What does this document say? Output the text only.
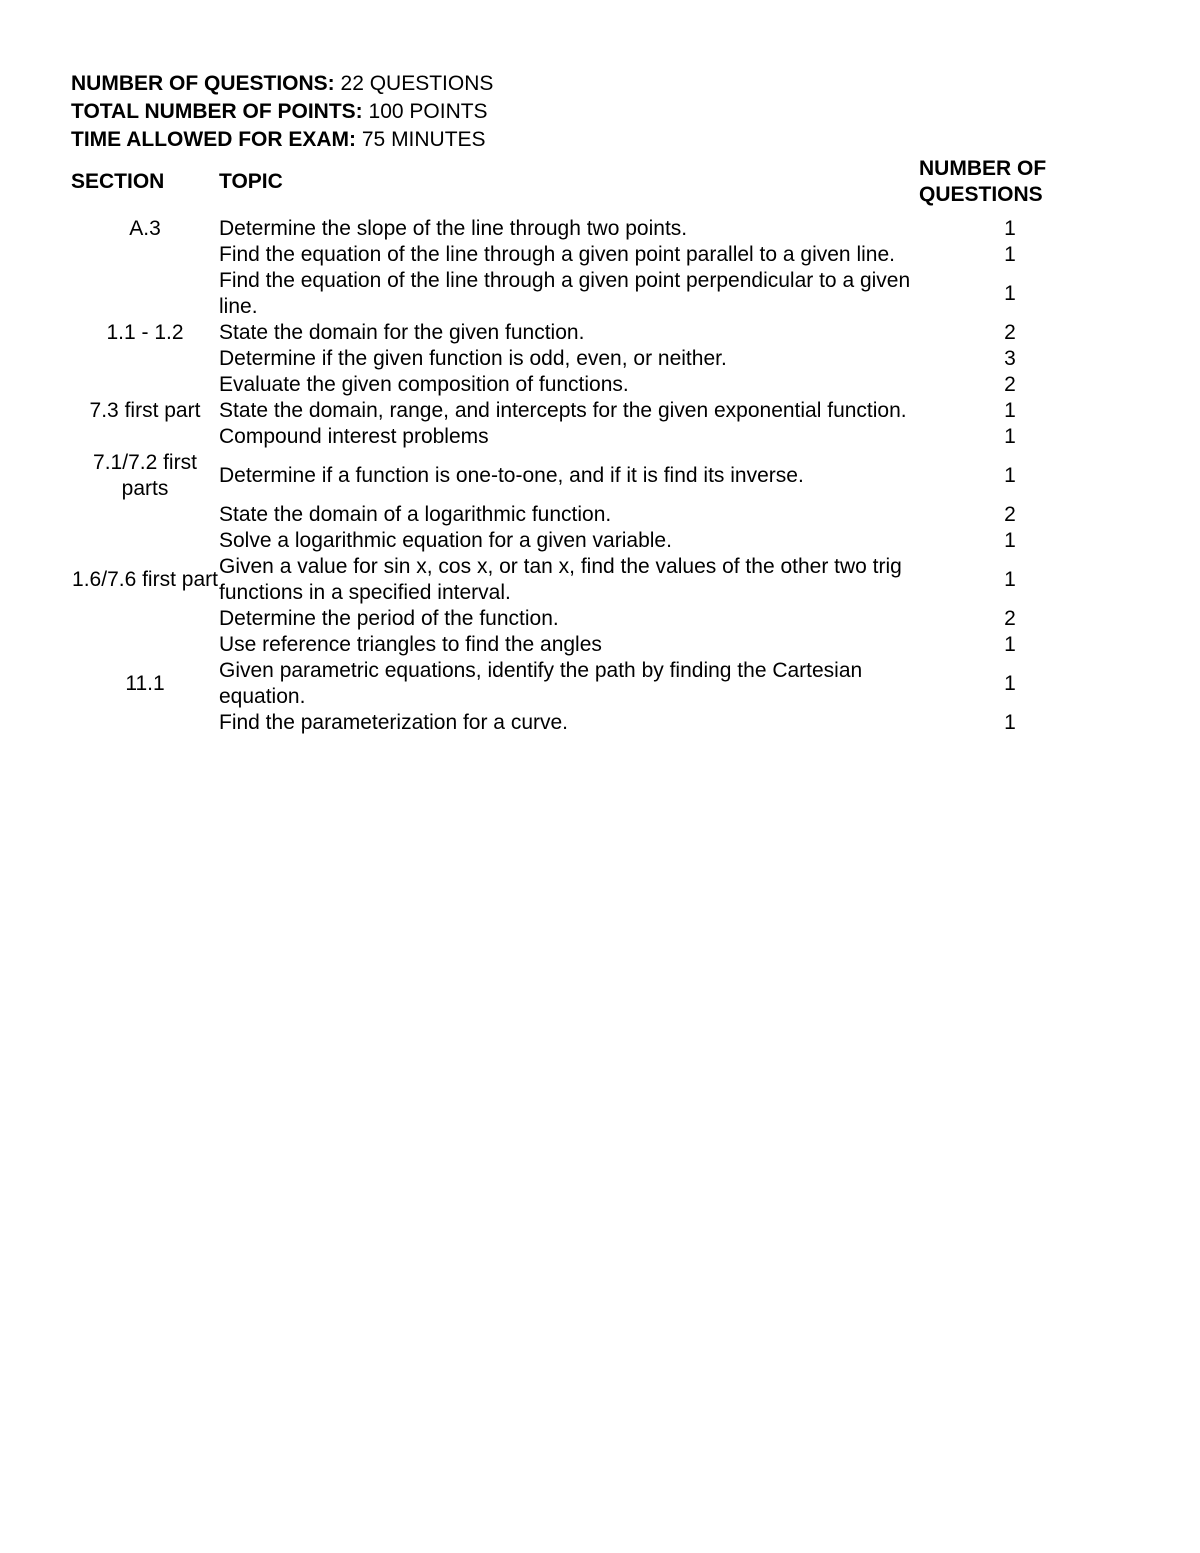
NUMBER OF QUESTIONS: 22 QUESTIONS
TOTAL NUMBER OF POINTS: 100 POINTS
TIME ALLOWED FOR EXAM: 75 MINUTES
SECTION	TOPIC	NUMBER OF
QUESTIONS

A.3	Determine the slope of the line through two points.	1
	Find the equation of the line through a given point parallel to a given line.	1
	Find the equation of the line through a given point perpendicular to a given line.	1
1.1 - 1.2	State the domain for the given function.	2
	Determine if the given function is odd, even, or neither.	3
	Evaluate the given composition of functions.	2
7.3 first part	State the domain, range, and intercepts for the given exponential function.	1
	Compound interest problems	1
7.1/7.2 first parts	Determine if a function is one-to-one, and if it is find its inverse.	1
	State the domain of a logarithmic function.	2
	Solve a logarithmic equation for a given variable.	1
1.6/7.6 first part	Given a value for sin x, cos x, or tan x, find the values of the other two trig functions in a specified interval.	1
	Determine the period of the function.	2
	Use reference triangles to find the angles	1
11.1	Given parametric equations, identify the path by finding the Cartesian equation.	1
	Find the parameterization for a curve.	1
